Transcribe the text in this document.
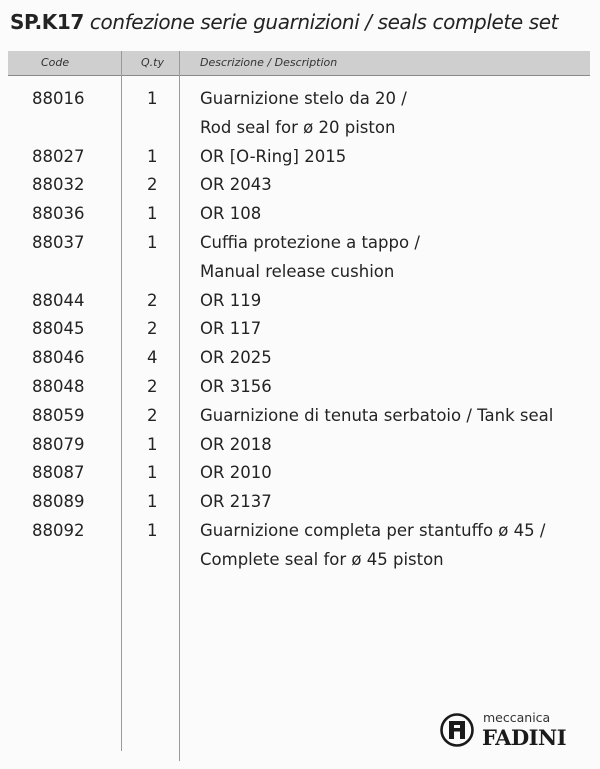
SP.K17 confezione serie guarnizioni / seals complete set
Code	Q.ty	Descrizione / Description
88016	1	Guarnizione stelo da 20 /
Rod seal for ø 20 piston
88027	1	OR [O-Ring] 2015
88032	2	OR 2043
88036	1	OR 108
88037	1	Cuffia protezione a tappo /
Manual release cushion
88044	2	OR 119
88045	2	OR 117
88046	4	OR 2025
88048	2	OR 3156
88059	2	Guarnizione di tenuta serbatoio / Tank seal
88079	1	OR 2018
88087	1	OR 2010
88089	1	OR 2137
88092	1	Guarnizione completa per stantuffo ø 45 /
Complete seal for ø 45 piston
meccanica
FADINI
